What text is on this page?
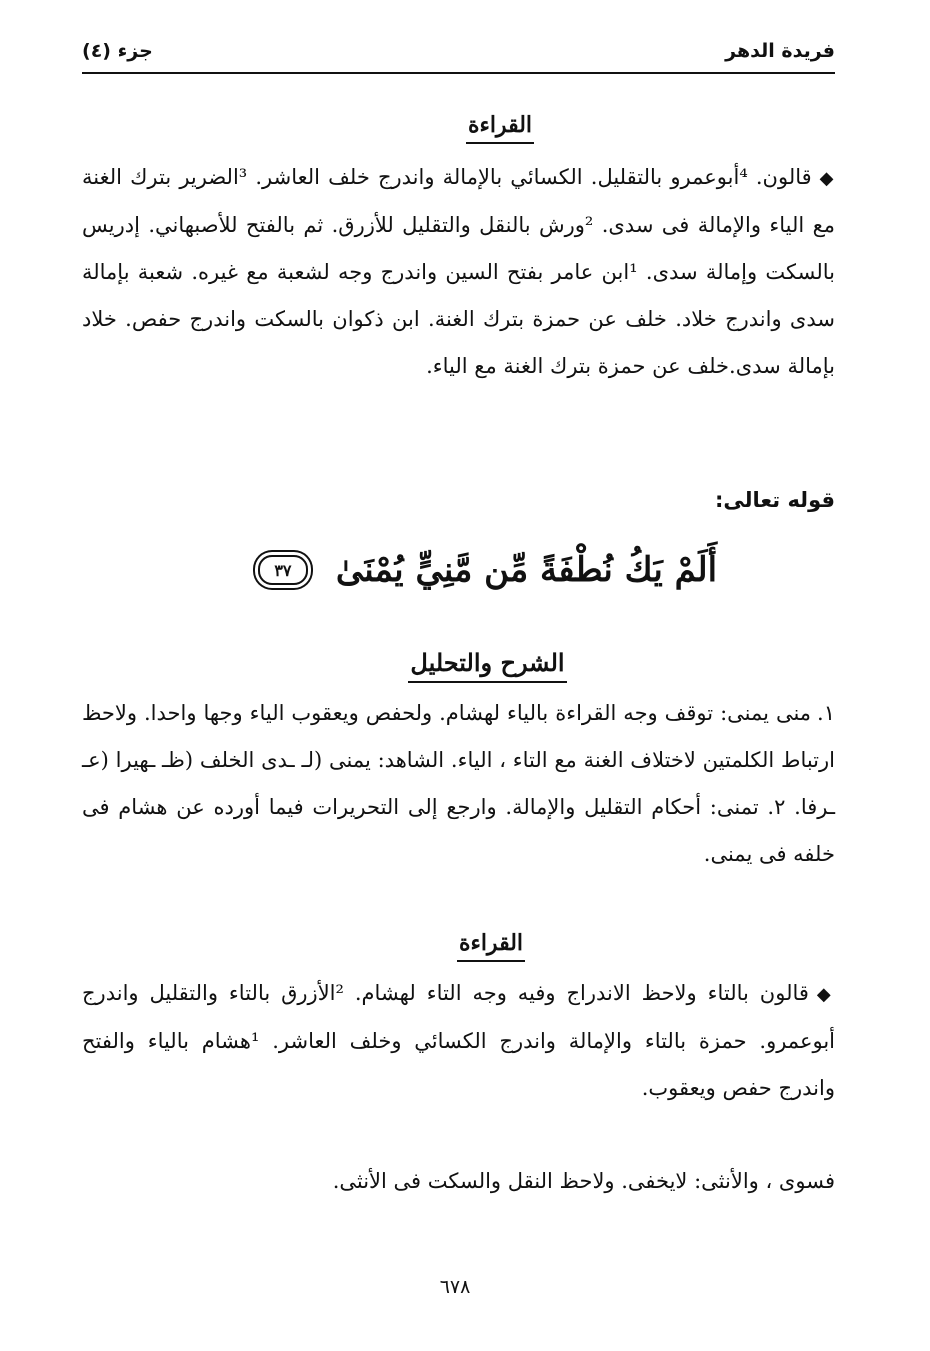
فريدة الدهر
جزء (٤)
القراءة
◆قالون. ⁴أبوعمرو بالتقليل. الكسائي بالإمالة واندرج خلف العاشر. ³الضرير بترك الغنة مع الياء والإمالة فى سدى. ²ورش بالنقل والتقليل للأزرق. ثم بالفتح للأصبهاني. إدريس بالسكت وإمالة سدى. ¹ابن عامر بفتح السين واندرج وجه لشعبة مع غيره. شعبة بإمالة سدى واندرج خلاد. خلف عن حمزة بترك الغنة. ابن ذكوان بالسكت واندرج حفص. خلاد بإمالة سدى.خلف عن حمزة بترك الغنة مع الياء.
قوله تعالى:
أَلَمْ يَكُ نُطْفَةً مِّن مَّنِيٍّ يُمْنَىٰ
٣٧
الشرح والتحليل
١.منى يمنى: توقف وجه القراءة بالياء لهشام. ولحفص ويعقوب الياء وجها واحدا. ولاحظ ارتباط الكلمتين لاختلاف الغنة مع التاء ، الياء. الشاهد: يمنى (لـ ـدى الخلف (ظـ ـهيرا (عـ ـرفا. ٢. تمنى: أحكام التقليل والإمالة. وارجع إلى التحريرات فيما أورده عن هشام فى خلفه فى يمنى.
القراءة
◆قالون بالتاء ولاحظ الاندراج وفيه وجه التاء لهشام. ²الأزرق بالتاء والتقليل واندرج أبوعمرو. حمزة بالتاء والإمالة واندرج الكسائي وخلف العاشر. ¹هشام بالياء والفتح واندرج حفص ويعقوب.
فسوى ، والأنثى: لايخفى. ولاحظ النقل والسكت فى الأنثى.
٦٧٨
